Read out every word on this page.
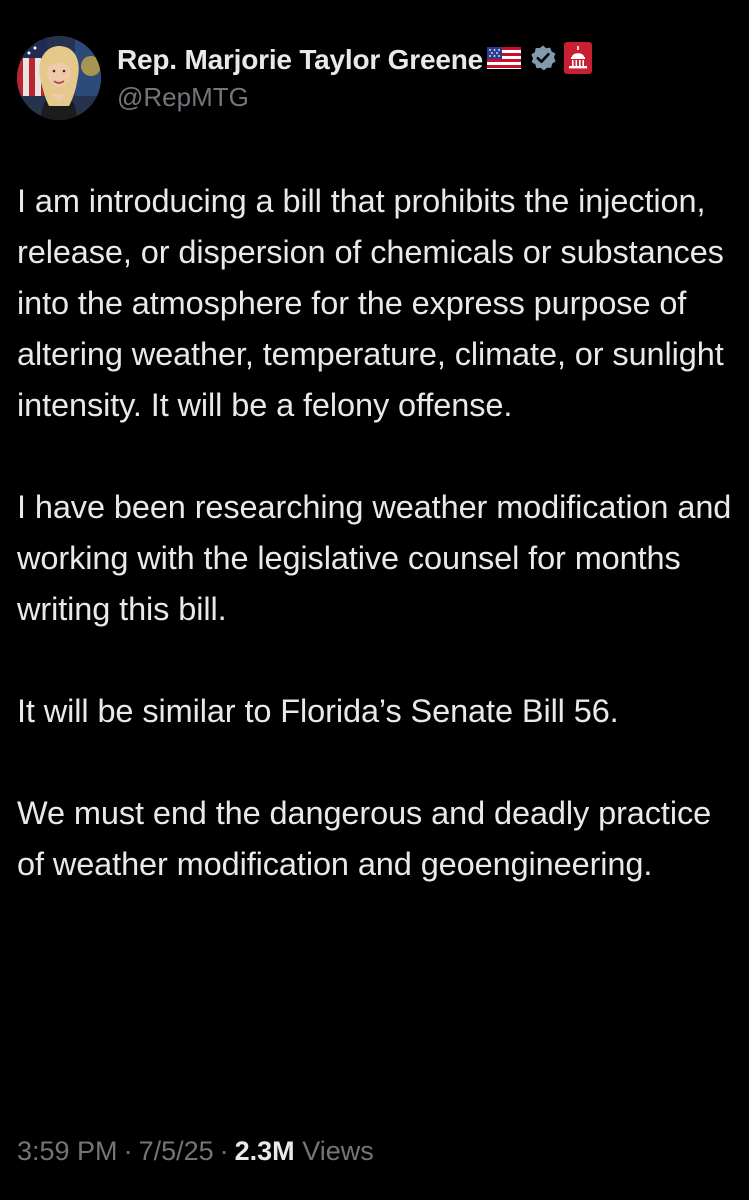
Rep. Marjorie Taylor Greene
@RepMTG

I am introducing a bill that prohibits the injection, release, or dispersion of chemicals or substances into the atmosphere for the express purpose of altering weather, temperature, climate, or sunlight intensity. It will be a felony offense.

I have been researching weather modification and working with the legislative counsel for months writing this bill.

It will be similar to Florida’s Senate Bill 56.

We must end the dangerous and deadly practice of weather modification and geoengineering.

3:59 PM · 7/5/25 · 2.3M Views
